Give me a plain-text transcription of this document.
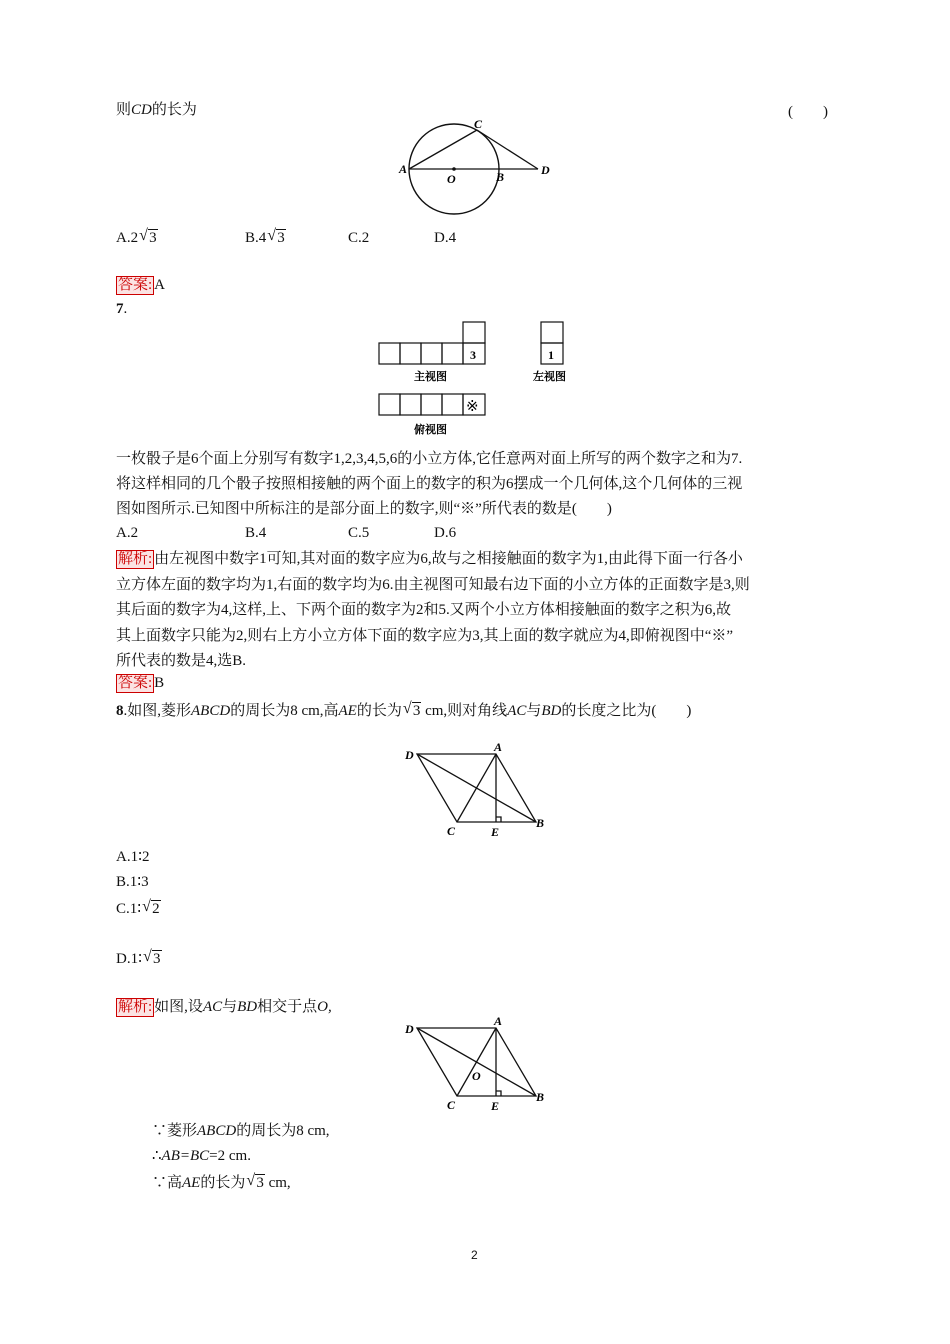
则CD的长为	(　　)
A
O	B
C
D
A.2 √ 3	B.4 √ 3	C.2	D.4
答案: A
7.
3	1
※
主视图	左视图
俯视图
一枚骰子是6个面上分别写有数字1,2,3,4,5,6的小立方体,它任意两对面上所写的两个数字之和为7.
将这样相同的几个骰子按照相接触的两个面上的数字的积为6摆成一个几何体,这个几何体的三视
图如图所示.已知图中所标注的是部分面上的数字,则“※”所代表的数是(　　)
A.2	B.4	C.5	D.6
解析: 由左视图中数字1可知,其对面的数字应为6,故与之相接触面的数字为1,由此得下面一行各小
立方体左面的数字均为1,右面的数字均为6.由主视图可知最右边下面的小立方体的正面数字是3,则
其后面的数字为4,这样,上、下两个面的数字为2和5.又两个小立方体相接触面的数字之积为6,故
其上面数字只能为2,则右上方小立方体下面的数字应为3,其上面的数字就应为4,即俯视图中“※”
所代表的数是4,选B.
答案: B
8.如图,菱形ABCD的周长为8 cm,高AE的长为 √ 3 cm,则对角线AC与BD的长度之比为(　　)
D
A
C	E
B
A.1∶2
B.1∶3
C.1∶ √ 2
D.1∶ √ 3
解析: 如图,设AC与BD相交于点O,
D
A
O
C	E
B
∵菱形ABCD的周长为8 cm,
∴AB=BC=2 cm.
∵高AE的长为 √ 3 cm,
2
